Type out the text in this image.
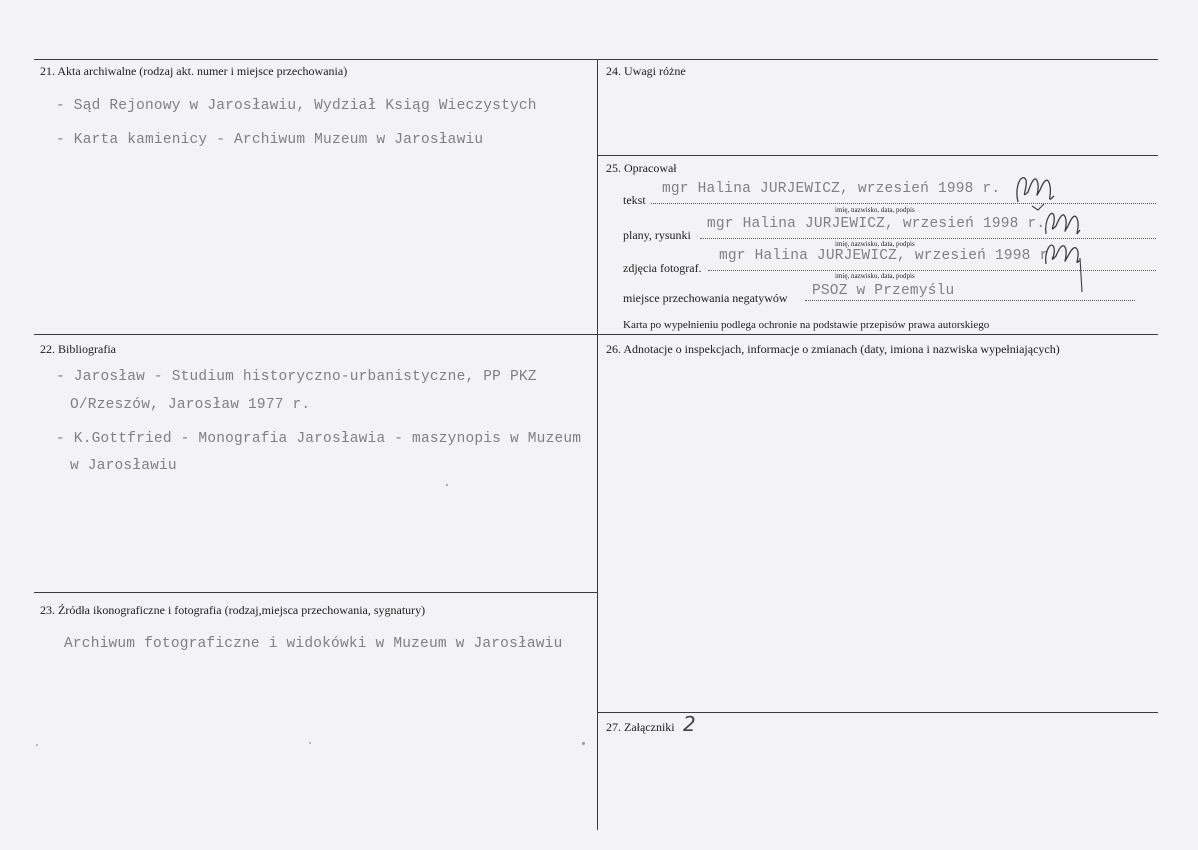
21. Akta archiwalne (rodzaj akt. numer i miejsce przechowania)
- Sąd Rejonowy w Jarosławiu, Wydział Ksiąg Wieczystych
- Karta kamienicy - Archiwum Muzeum w Jarosławiu
22. Bibliografia
- Jarosław - Studium historyczno-urbanistyczne, PP PKZ
O/Rzeszów, Jarosław 1977 r.
- K.Gottfried - Monografia Jarosławia - maszynopis w Muzeum
w Jarosławiu
23. Źródła ikonograficzne i fotografia (rodzaj,miejsca przechowania, sygnatury)
Archiwum fotograficzne i widokówki w Muzeum w Jarosławiu
24. Uwagi różne
25. Opracował
tekst
mgr Halina JURJEWICZ, wrzesień 1998 r.
imię, nazwisko, data, podpis
plany, rysunki
mgr Halina JURJEWICZ, wrzesień 1998 r.
imię, nazwisko, data, podpis
zdjęcia fotograf.
mgr Halina JURJEWICZ, wrzesień 1998 r.
imię, nazwisko, data, podpis
miejsce przechowania negatywów PSOZ w Przemyślu
Karta po wypełnieniu podlega ochronie na podstawie przepisów prawa autorskiego
26. Adnotacje o inspekcjach, informacje o zmianach (daty, imiona i nazwiska wypełniających)
27. Załączniki 2
